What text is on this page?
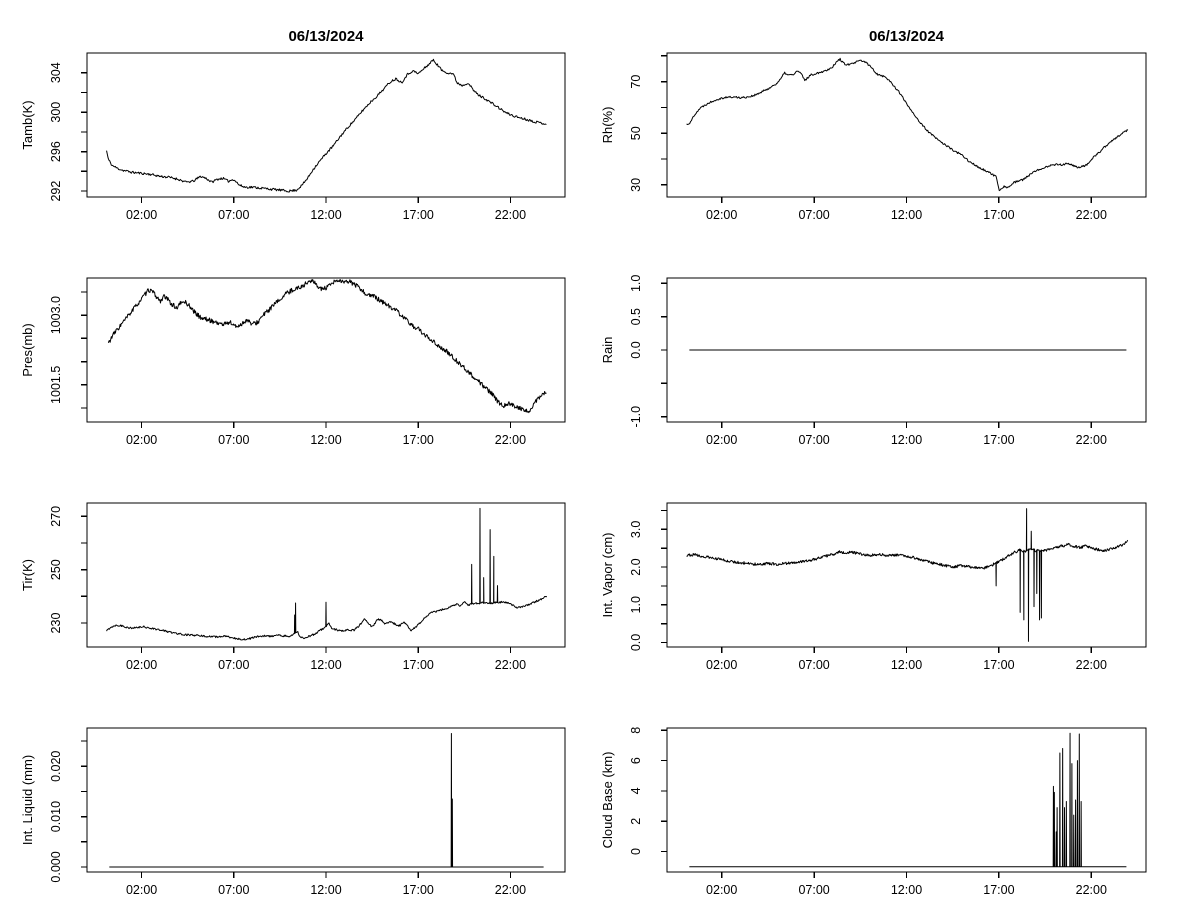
06/13/2024
292
296
300
304
02:00	07:00	12:00	17:00	22:00
Tamb(K)
06/13/2024
30
50
70
02:00	07:00	12:00	17:00	22:00
Rh(%)
1001.5
1003.0
02:00	07:00	12:00	17:00	22:00
Pres(mb)
-1.0
0.0
0.5
1.0
02:00	07:00	12:00	17:00	22:00
Rain
230
250
270
02:00	07:00	12:00	17:00	22:00
Tir(K)
0.0
1.0
2.0
3.0
02:00	07:00	12:00	17:00	22:00
Int. Vapor (cm)
0.000
0.010
0.020
02:00	07:00	12:00	17:00	22:00
Int. Liquid (mm)
0
2
4
6
8
02:00	07:00	12:00	17:00	22:00
Cloud Base (km)
